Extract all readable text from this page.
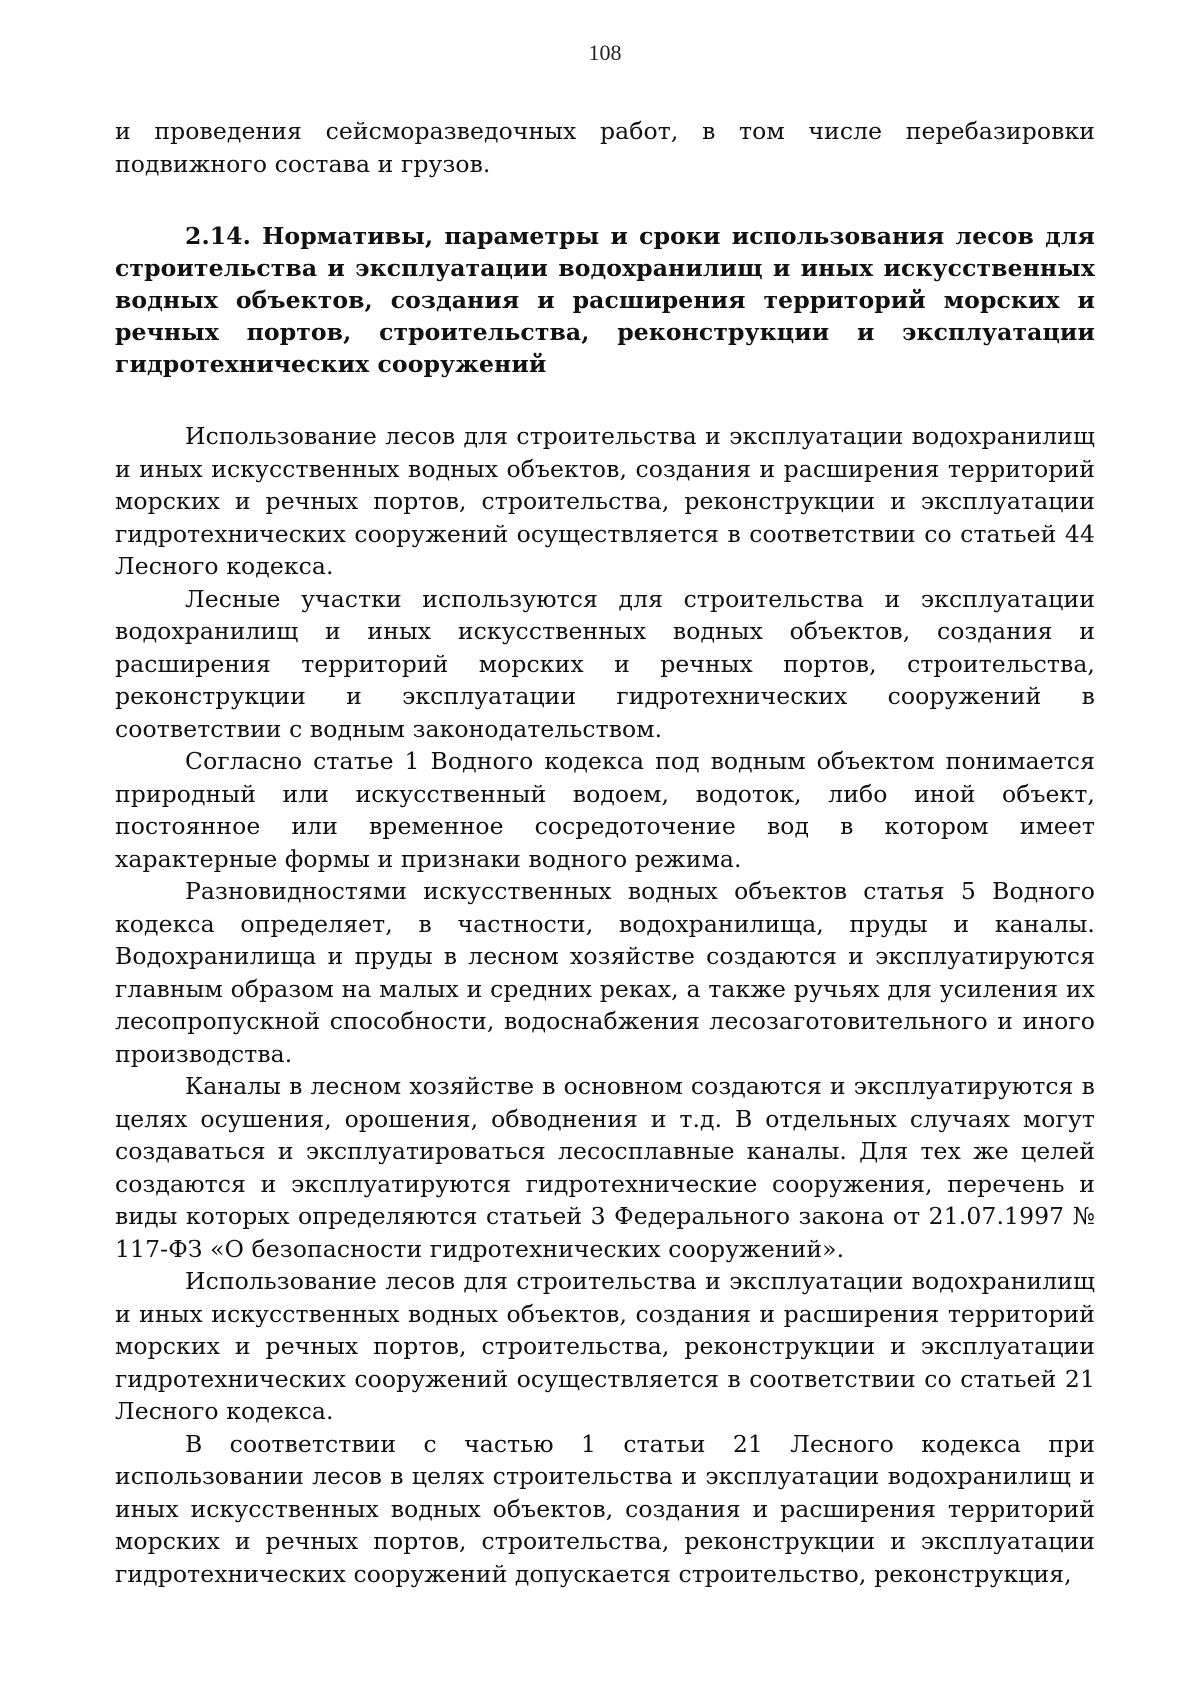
108

и проведения сейсморазведочных работ, в том числе перебазировки подвижного состава и грузов.

2.14. Нормативы, параметры и сроки использования лесов для строительства и эксплуатации водохранилищ и иных искусственных водных объектов, создания и расширения территорий морских и речных портов, строительства, реконструкции и эксплуатации гидротехнических сооружений

Использование лесов для строительства и эксплуатации водохранилищ и иных искусственных водных объектов, создания и расширения территорий морских и речных портов, строительства, реконструкции и эксплуатации гидротехнических сооружений осуществляется в соответствии со статьей 44 Лесного кодекса.

Лесные участки используются для строительства и эксплуатации водохранилищ и иных искусственных водных объектов, создания и расширения территорий морских и речных портов, строительства, реконструкции и эксплуатации гидротехнических сооружений в соответствии с водным законодательством.

Согласно статье 1 Водного кодекса под водным объектом понимается природный или искусственный водоем, водоток, либо иной объект, постоянное или временное сосредоточение вод в котором имеет характерные формы и признаки водного режима.

Разновидностями искусственных водных объектов статья 5 Водного кодекса определяет, в частности, водохранилища, пруды и каналы. Водохранилища и пруды в лесном хозяйстве создаются и эксплуатируются главным образом на малых и средних реках, а также ручьях для усиления их лесопропускной способности, водоснабжения лесозаготовительного и иного производства.

Каналы в лесном хозяйстве в основном создаются и эксплуатируются в целях осушения, орошения, обводнения и т.д. В отдельных случаях могут создаваться и эксплуатироваться лесосплавные каналы. Для тех же целей создаются и эксплуатируются гидротехнические сооружения, перечень и виды которых определяются статьей 3 Федерального закона от 21.07.1997 № 117-ФЗ «О безопасности гидротехнических сооружений».

Использование лесов для строительства и эксплуатации водохранилищ и иных искусственных водных объектов, создания и расширения территорий морских и речных портов, строительства, реконструкции и эксплуатации гидротехнических сооружений осуществляется в соответствии со статьей 21 Лесного кодекса.

В соответствии с частью 1 статьи 21 Лесного кодекса при использовании лесов в целях строительства и эксплуатации водохранилищ и иных искусственных водных объектов, создания и расширения территорий морских и речных портов, строительства, реконструкции и эксплуатации гидротехнических сооружений допускается строительство, реконструкция,
